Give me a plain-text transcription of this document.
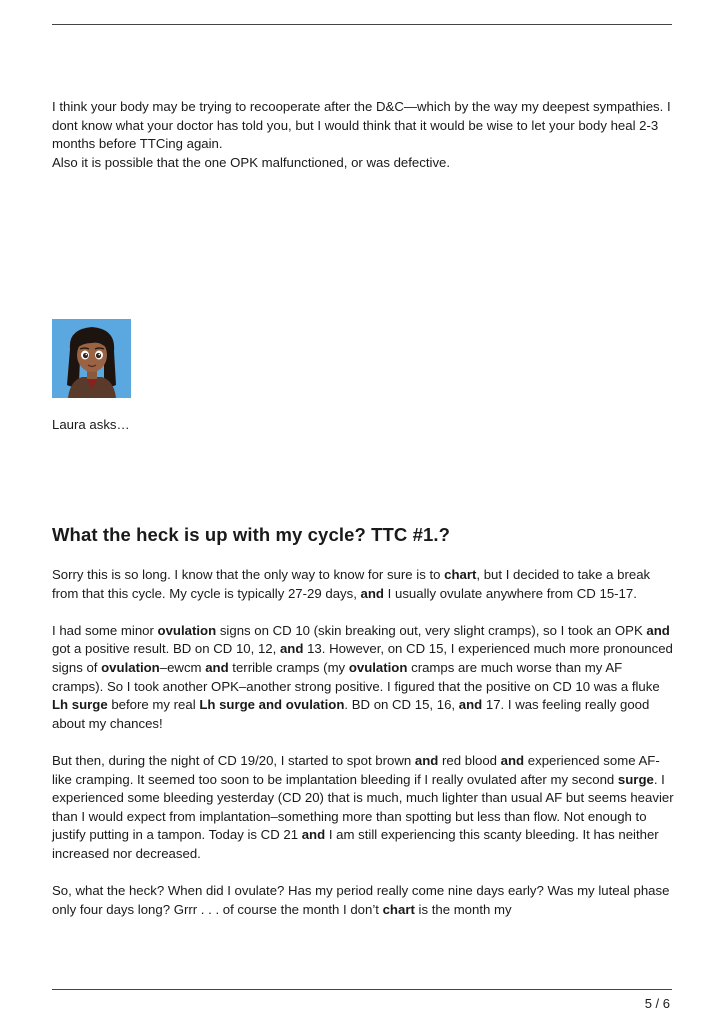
I think your body may be trying to recooperate after the D&C—which by the way my deepest sympathies. I dont know what your doctor has told you, but I would think that it would be wise to let your body heal 2-3 months before TTCing again.

Also it is possible that the one OPK malfunctioned, or was defective.

Laura asks…

What the heck is up with my cycle? TTC #1.?

Sorry this is so long. I know that the only way to know for sure is to chart, but I decided to take a break from that this cycle. My cycle is typically 27-29 days, and I usually ovulate anywhere from CD 15-17.

I had some minor ovulation signs on CD 10 (skin breaking out, very slight cramps), so I took an OPK and got a positive result. BD on CD 10, 12, and 13. However, on CD 15, I experienced much more pronounced signs of ovulation–ewcm and terrible cramps (my ovulation cramps are much worse than my AF cramps). So I took another OPK–another strong positive. I figured that the positive on CD 10 was a fluke Lh surge before my real Lh surge and ovulation. BD on CD 15, 16, and 17. I was feeling really good about my chances!

But then, during the night of CD 19/20, I started to spot brown and red blood and experienced some AF-like cramping. It seemed too soon to be implantation bleeding if I really ovulated after my second surge. I experienced some bleeding yesterday (CD 20) that is much, much lighter than usual AF but seems heavier than I would expect from implantation–something more than spotting but less than flow. Not enough to justify putting in a tampon. Today is CD 21 and I am still experiencing this scanty bleeding. It has neither increased nor decreased.

So, what the heck? When did I ovulate? Has my period really come nine days early? Was my luteal phase only four days long? Grrr . . . of course the month I don’t chart is the month my

5 / 6
